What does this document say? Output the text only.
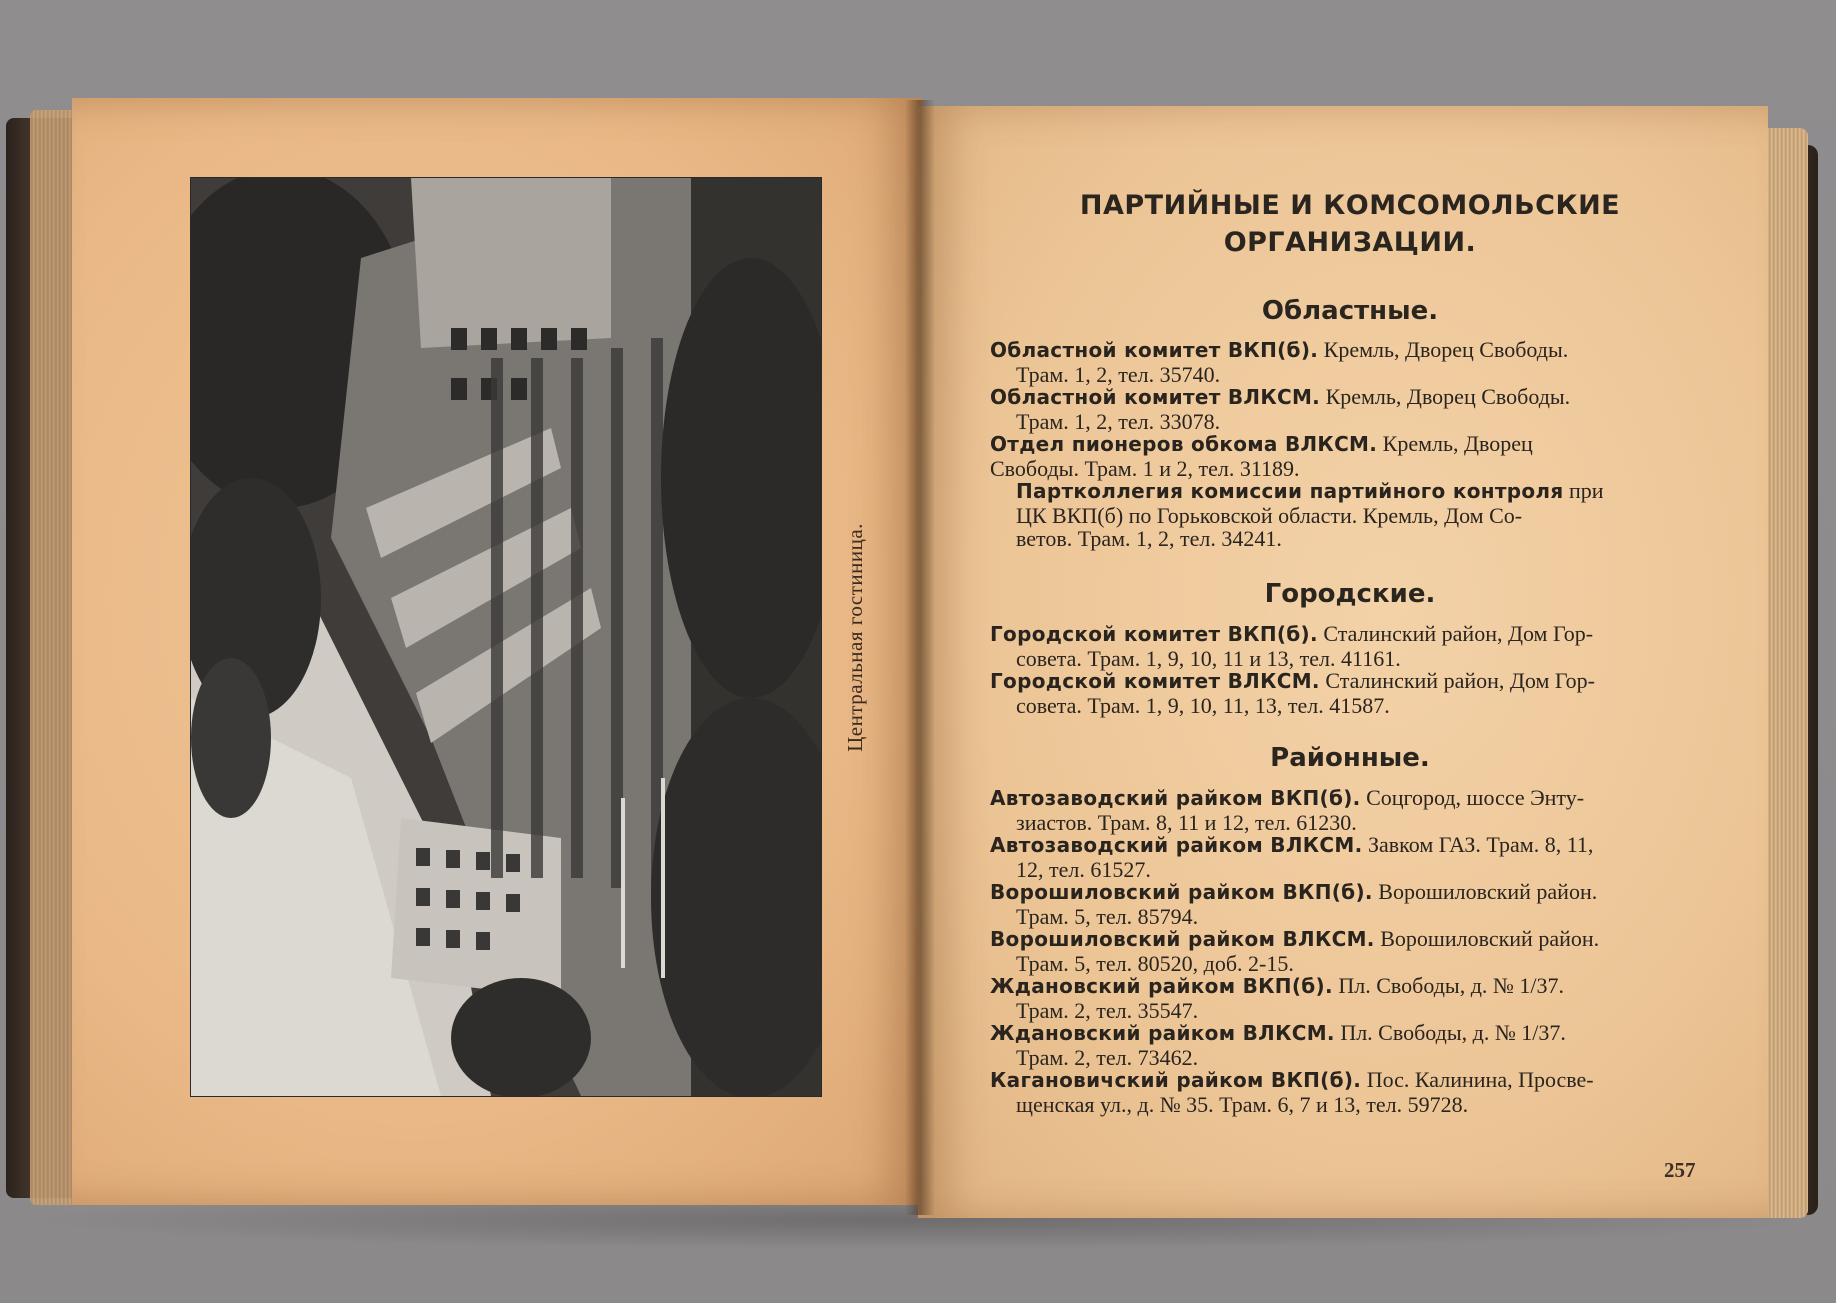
Центральная гостиница.
ПАРТИЙНЫЕ И КОМСОМОЛЬСКИЕ
ОРГАНИЗАЦИИ.
Областные.
Областной комитет ВКП(б). Кремль, Дворец Свободы.
Трам. 1, 2, тел. 35740.
Областной комитет ВЛКСМ. Кремль, Дворец Свободы.
Трам. 1, 2, тел. 33078.
Отдел пионеров обкома ВЛКСМ. Кремль, Дворец
Свободы. Трам. 1 и 2, тел. 31189.
Партколлегия комиссии партийного контроля при
ЦК ВКП(б) по Горьковской области. Кремль, Дом Со-
ветов. Трам. 1, 2, тел. 34241.
Городские.
Городской комитет ВКП(б). Сталинский район, Дом Гор-
совета. Трам. 1, 9, 10, 11 и 13, тел. 41161.
Городской комитет ВЛКСМ. Сталинский район, Дом Гор-
совета. Трам. 1, 9, 10, 11, 13, тел. 41587.
Районные.
Автозаводский райком ВКП(б). Соцгород, шоссе Энту-
зиастов. Трам. 8, 11 и 12, тел. 61230.
Автозаводский райком ВЛКСМ. Завком ГАЗ. Трам. 8, 11,
12, тел. 61527.
Ворошиловский райком ВКП(б). Ворошиловский район.
Трам. 5, тел. 85794.
Ворошиловский райком ВЛКСМ. Ворошиловский район.
Трам. 5, тел. 80520, доб. 2-15.
Ждановский райком ВКП(б). Пл. Свободы, д. № 1/37.
Трам. 2, тел. 35547.
Ждановский райком ВЛКСМ. Пл. Свободы, д. № 1/37.
Трам. 2, тел. 73462.
Кагановичский райком ВКП(б). Пос. Калинина, Просве-
щенская ул., д. № 35. Трам. 6, 7 и 13, тел. 59728.
257
